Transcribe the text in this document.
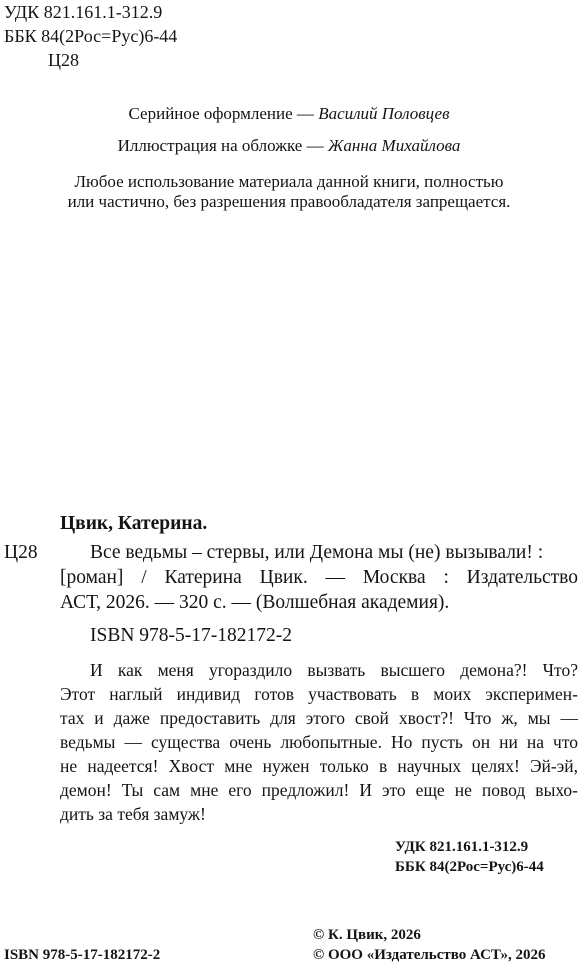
УДК 821.161.1-312.9
ББК 84(2Рос=Рус)6-44
Ц28
Серийное оформление — Василий Половцев
Иллюстрация на обложке — Жанна Михайлова
Любое использование материала данной книги, полностью
или частично, без разрешения правообладателя запрещается.
Цвик, Катерина.
Ц28	Все ведьмы – стервы, или Демона мы (не) вызывали! :
[роман] / Катерина Цвик. — Москва : Издательство
АСТ, 2026. — 320 с. — (Волшебная академия).
ISBN 978-5-17-182172-2
И как меня угораздило вызвать высшего демона?! Что?
Этот наглый индивид готов участвовать в моих эксперимен-
тах и даже предоставить для этого свой хвост?! Что ж, мы —
ведьмы — существа очень любопытные. Но пусть он ни на что
не надеется! Хвост мне нужен только в научных целях! Эй-эй,
демон! Ты сам мне его предложил! И это еще не повод выхо-
дить за тебя замуж!
УДК 821.161.1-312.9
ББК 84(2Рос=Рус)6-44
ISBN 978-5-17-182172-2
© К. Цвик, 2026
© ООО «Издательство АСТ», 2026
